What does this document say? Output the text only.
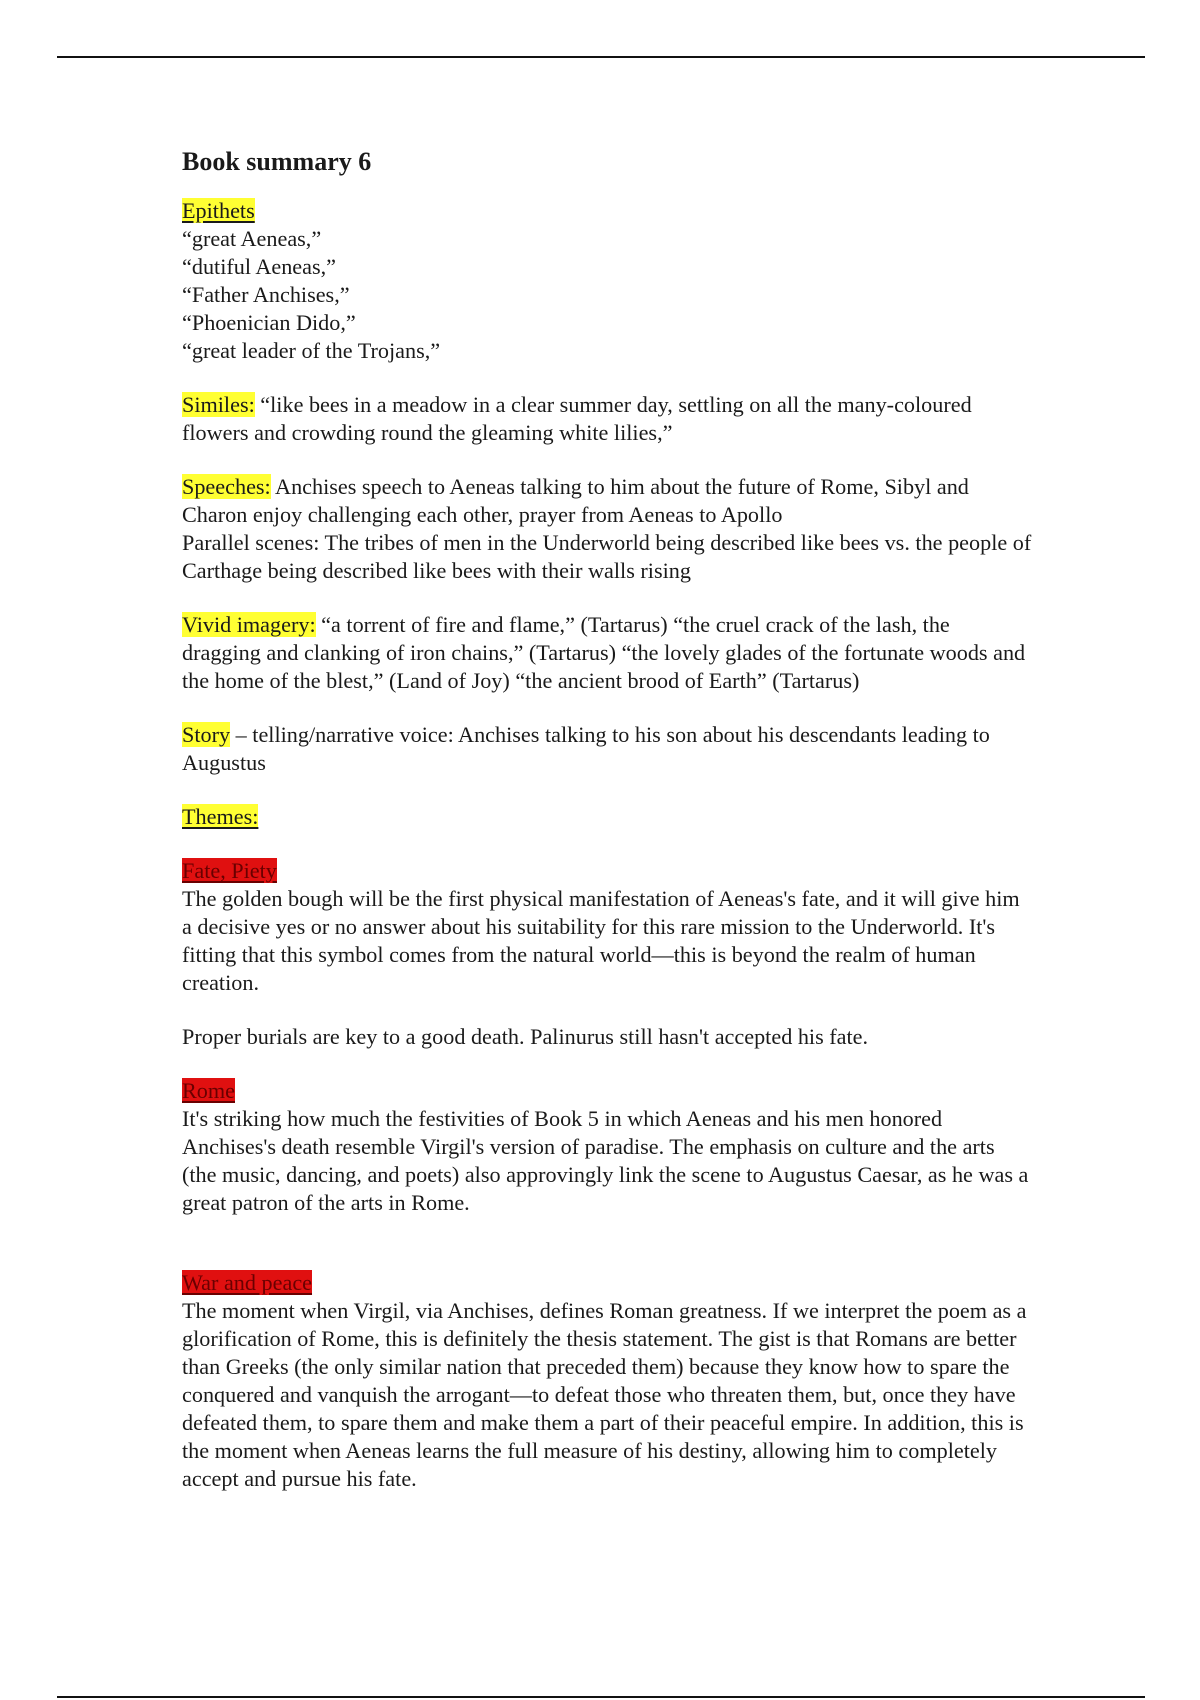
Book summary 6

Epithets

“great Aeneas,”

“dutiful Aeneas,”

“Father Anchises,”

“Phoenician Dido,”

“great leader of the Trojans,”

Similes: “like bees in a meadow in a clear summer day, settling on all the many-coloured flowers and crowding round the gleaming white lilies,”

Speeches: Anchises speech to Aeneas talking to him about the future of Rome, Sibyl and Charon enjoy challenging each other, prayer from Aeneas to Apollo

Parallel scenes: The tribes of men in the Underworld being described like bees vs. the people of Carthage being described like bees with their walls rising

Vivid imagery: “a torrent of fire and flame,” (Tartarus) “the cruel crack of the lash, the dragging and clanking of iron chains,” (Tartarus) “the lovely glades of the fortunate woods and the home of the blest,” (Land of Joy) “the ancient brood of Earth” (Tartarus)

Story – telling/narrative voice: Anchises talking to his son about his descendants leading to Augustus

Themes:

Fate, Piety

The golden bough will be the first physical manifestation of Aeneas's fate, and it will give him a decisive yes or no answer about his suitability for this rare mission to the Underworld. It's fitting that this symbol comes from the natural world—this is beyond the realm of human creation.

Proper burials are key to a good death. Palinurus still hasn't accepted his fate.

Rome

It's striking how much the festivities of Book 5 in which Aeneas and his men honored Anchises's death resemble Virgil's version of paradise. The emphasis on culture and the arts (the music, dancing, and poets) also approvingly link the scene to Augustus Caesar, as he was a great patron of the arts in Rome.

War and peace

The moment when Virgil, via Anchises, defines Roman greatness. If we interpret the poem as a glorification of Rome, this is definitely the thesis statement. The gist is that Romans are better than Greeks (the only similar nation that preceded them) because they know how to spare the conquered and vanquish the arrogant—to defeat those who threaten them, but, once they have defeated them, to spare them and make them a part of their peaceful empire. In addition, this is the moment when Aeneas learns the full measure of his destiny, allowing him to completely accept and pursue his fate.
